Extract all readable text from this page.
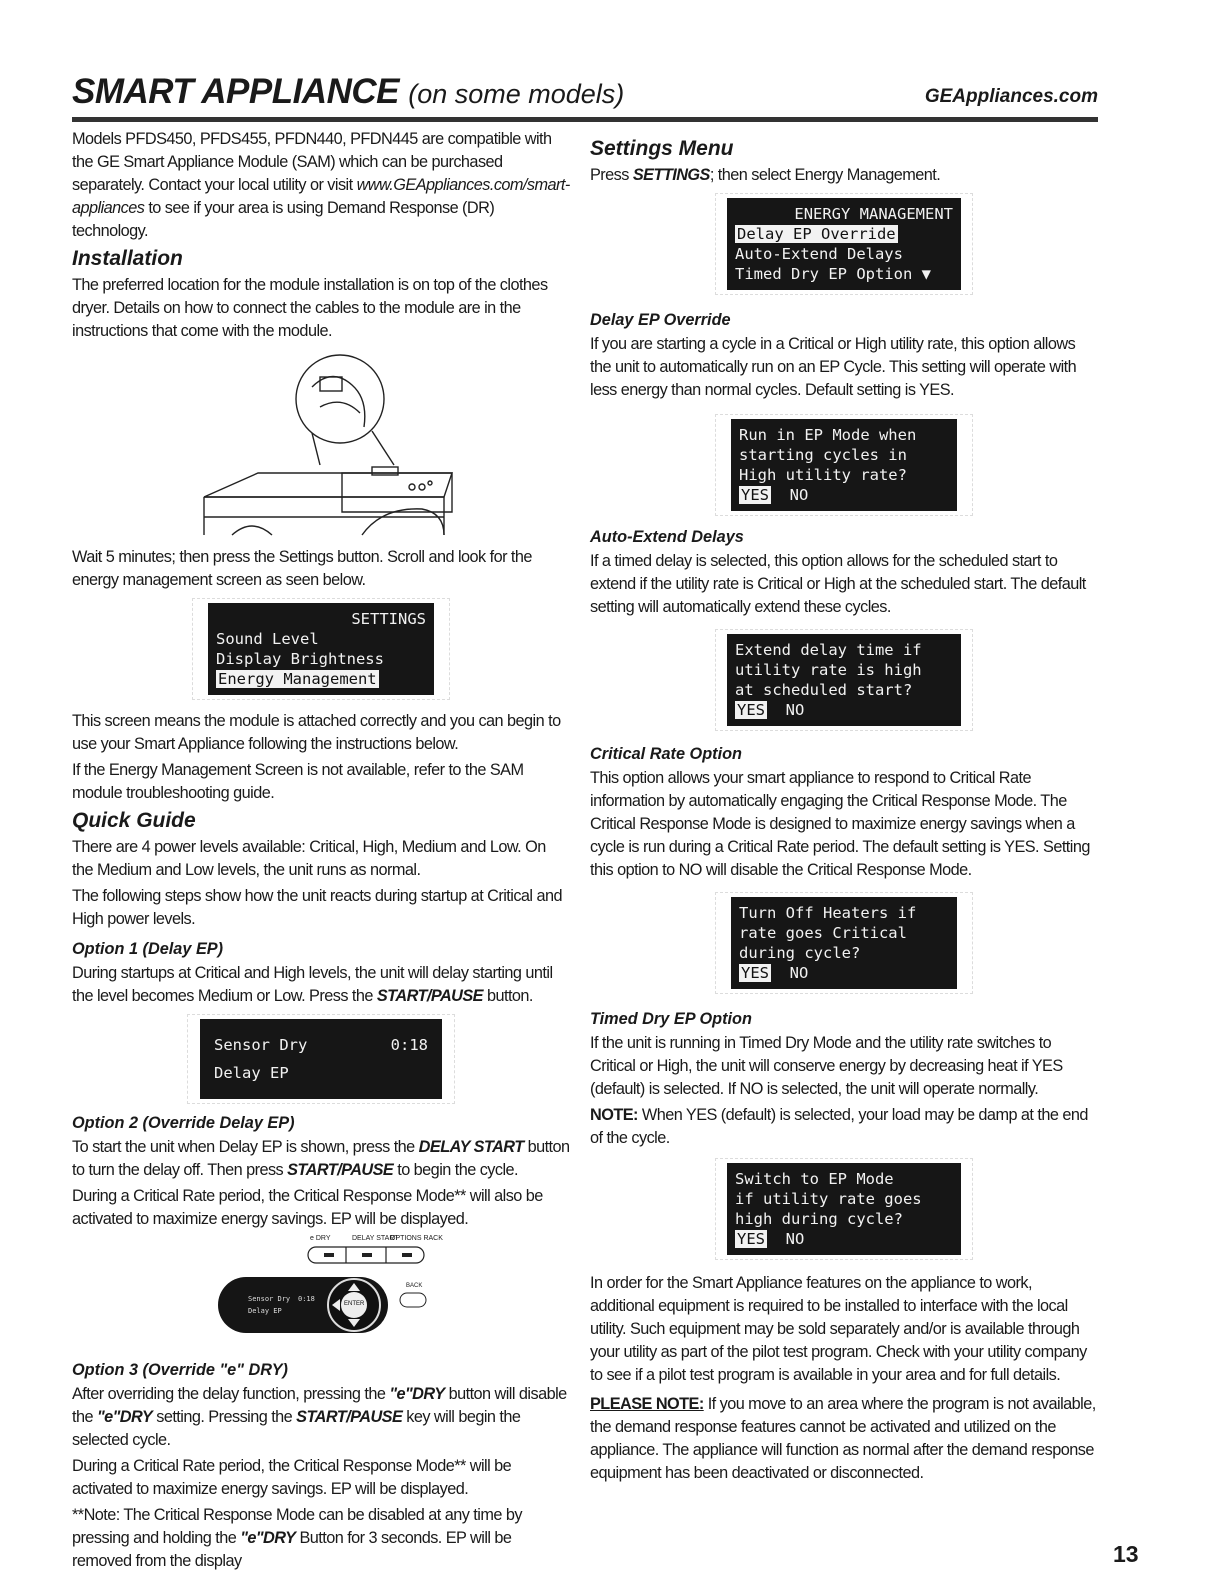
SMART APPLIANCE (on some models)	GEAppliances.com

Models PFDS450, PFDS455, PFDN440, PFDN445 are compatible with the GE Smart Appliance Module (SAM) which can be purchased separately. Contact your local utility or visit www.GEAppliances.com/smart-appliances to see if your area is using Demand Response (DR) technology.

Installation

The preferred location for the module installation is on top of the clothes dryer. Details on how to connect the cables to the module are in the instructions that come with the module.

Wait 5 minutes; then press the Settings button. Scroll and look for the energy management screen as seen below.

SETTINGS
Sound Level
Display Brightness
Energy Management

This screen means the module is attached correctly and you can begin to use your Smart Appliance following the instructions below.

If the Energy Management Screen is not available, refer to the SAM module troubleshooting guide.

Quick Guide

There are 4 power levels available: Critical, High, Medium and Low. On the Medium and Low levels, the unit runs as normal.

The following steps show how the unit reacts during startup at Critical and High power levels.

Option 1 (Delay EP)

During startups at Critical and High levels, the unit will delay starting until the level becomes Medium or Low. Press the START/PAUSE button.

Sensor Dry	0:18
Delay EP
Option 2 (Override Delay EP)

To start the unit when Delay EP is shown, press the DELAY START button to turn the delay off. Then press START/PAUSE to begin the cycle.

During a Critical Rate period, the Critical Response Mode** will also be activated to maximize energy savings. EP will be displayed.

e DRY	DELAY START
OPTIONS RACK
Sensor Dry 0:18
Delay EP
ENTER
BACK
Option 3 (Override "e" DRY)

After overriding the delay function, pressing the "e"DRY button will disable the "e"DRY setting. Pressing the START/PAUSE key will begin the selected cycle.

During a Critical Rate period, the Critical Response Mode** will be activated to maximize energy savings. EP will be displayed.

**Note: The Critical Response Mode can be disabled at any time by pressing and holding the "e"DRY Button for 3 seconds. EP will be removed from the display

Settings Menu

Press SETTINGS; then select Energy Management.

ENERGY MANAGEMENT
Delay EP Override
Auto-Extend Delays
Timed Dry EP Option ▼
Delay EP Override

If you are starting a cycle in a Critical or High utility rate, this option allows the unit to automatically run on an EP Cycle. This setting will operate with less energy than normal cycles. Default setting is YES.

Run in EP Mode when
starting cycles in
High utility rate?
YES NO
Auto-Extend Delays

If a timed delay is selected, this option allows for the scheduled start to extend if the utility rate is Critical or High at the scheduled start. The default setting will automatically extend these cycles.

Extend delay time if
utility rate is high
at scheduled start?
YES NO
Critical Rate Option

This option allows your smart appliance to respond to Critical Rate information by automatically engaging the Critical Response Mode. The Critical Response Mode is designed to maximize energy savings when a cycle is run during a Critical Rate period. The default setting is YES. Setting this option to NO will disable the Critical Response Mode.

Turn Off Heaters if
rate goes Critical
during cycle?
YES NO
Timed Dry EP Option

If the unit is running in Timed Dry Mode and the utility rate switches to Critical or High, the unit will conserve energy by decreasing heat if YES (default) is selected. If NO is selected, the unit will operate normally.

NOTE: When YES (default) is selected, your load may be damp at the end of the cycle.

Switch to EP Mode
if utility rate goes
high during cycle?
YES NO

In order for the Smart Appliance features on the appliance to work, additional equipment is required to be installed to interface with the local utility. Such equipment may be sold separately and/or is available through your utility as part of the pilot test program. Check with your utility company to see if a pilot test program is available in your area and for full details.

PLEASE NOTE: If you move to an area where the program is not available, the demand response features cannot be activated and utilized on the appliance. The appliance will function as normal after the demand response equipment has been deactivated or disconnected.

13
